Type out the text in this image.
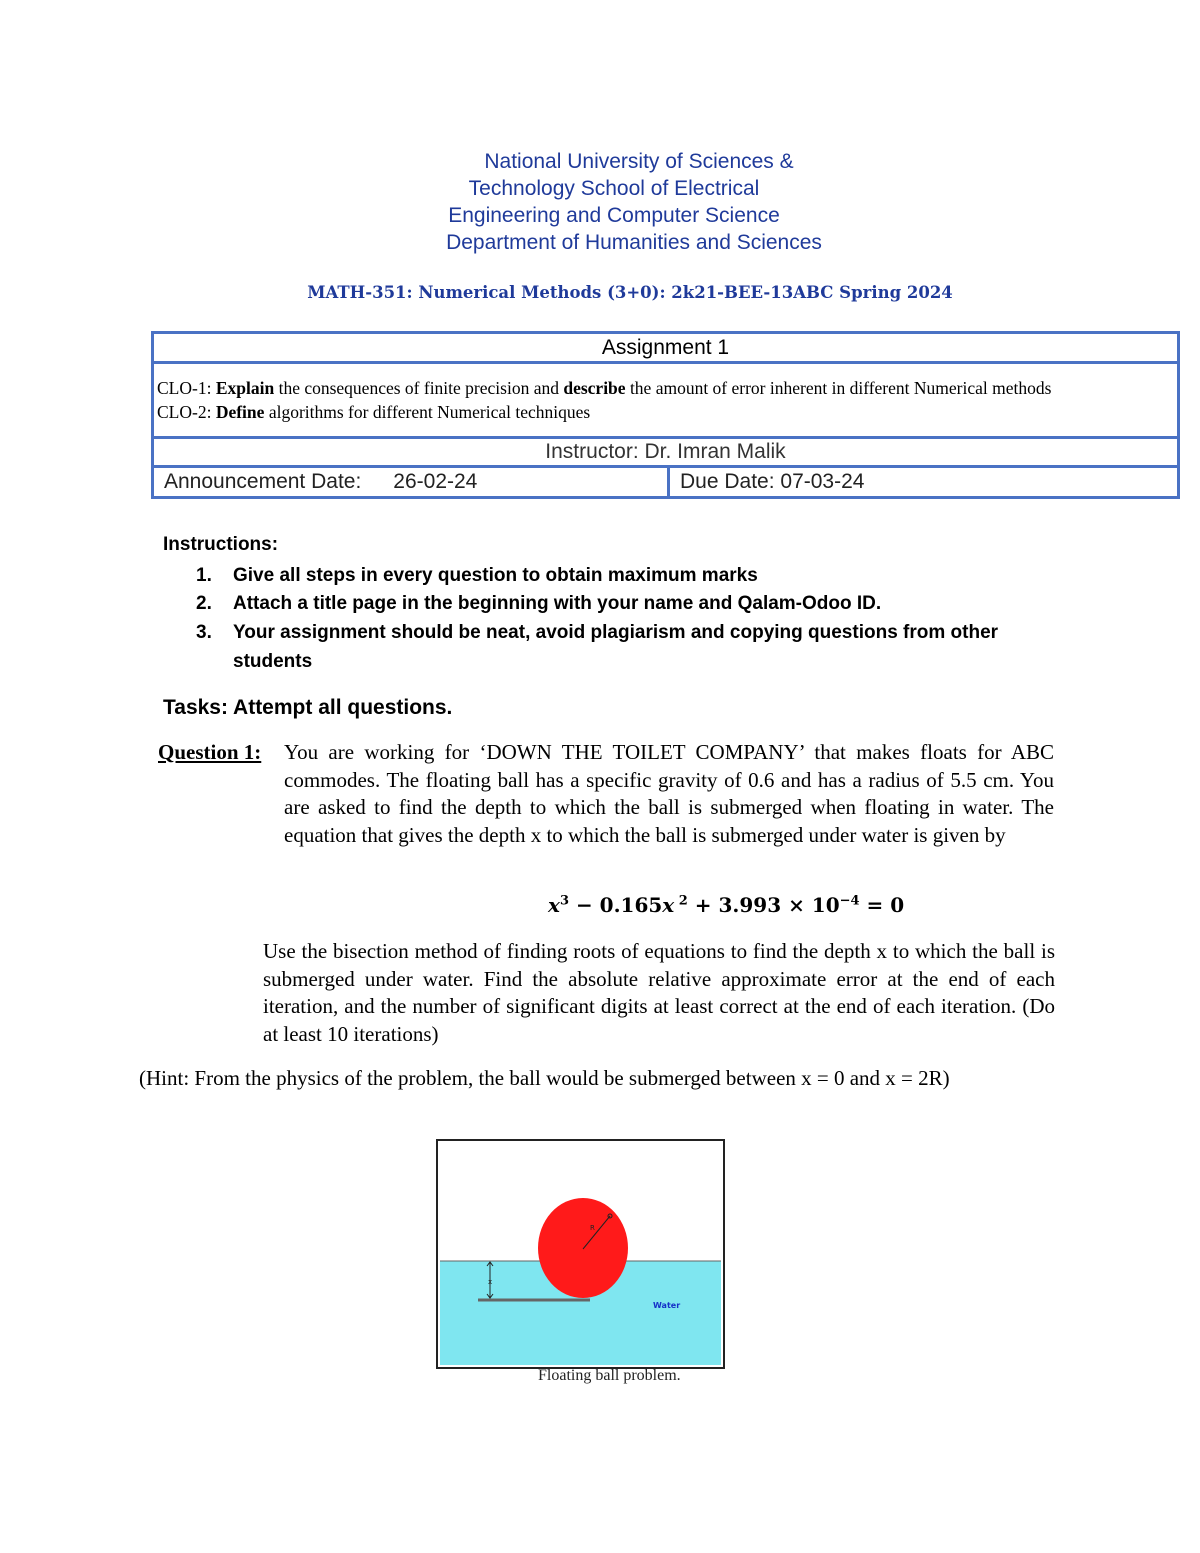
National University of Sciences &
Technology School of Electrical
Engineering and Computer Science
Department of Humanities and Sciences
MATH-351: Numerical Methods (3+0): 2k21-BEE-13ABC Spring 2024
Assignment 1

CLO-1: Explain the consequences of finite precision and describe the amount of error inherent in different Numerical methods
CLO-2: Define algorithms for different Numerical techniques

Instructor: Dr. Imran Malik
Announcement Date: 26-02-24	Due Date: 07-03-24
Instructions:
1. Give all steps in every question to obtain maximum marks
2. Attach a title page in the beginning with your name and Qalam-Odoo ID.
3. Your assignment should be neat, avoid plagiarism and copying questions from other students
Tasks: Attempt all questions.
Question 1: You are working for ‘DOWN THE TOILET COMPANY’ that makes floats for ABC commodes. The floating ball has a specific gravity of 0.6 and has a radius of 5.5 cm. You are asked to find the depth to which the ball is submerged when floating in water. The equation that gives the depth x to which the ball is submerged under water is given by
$x^3 - 0.165x$ $^2 + 3.993 \times 10^{-4} = 0$
Use the bisection method of finding roots of equations to find the depth x to which the ball is submerged under water. Find the absolute relative approximate error at the end of each iteration, and the number of significant digits at least correct at the end of each iteration. (Do at least 10 iterations)
(Hint: From the physics of the problem, the ball would be submerged between x = 0 and x = 2R)
R
x
Water
Floating ball problem.
